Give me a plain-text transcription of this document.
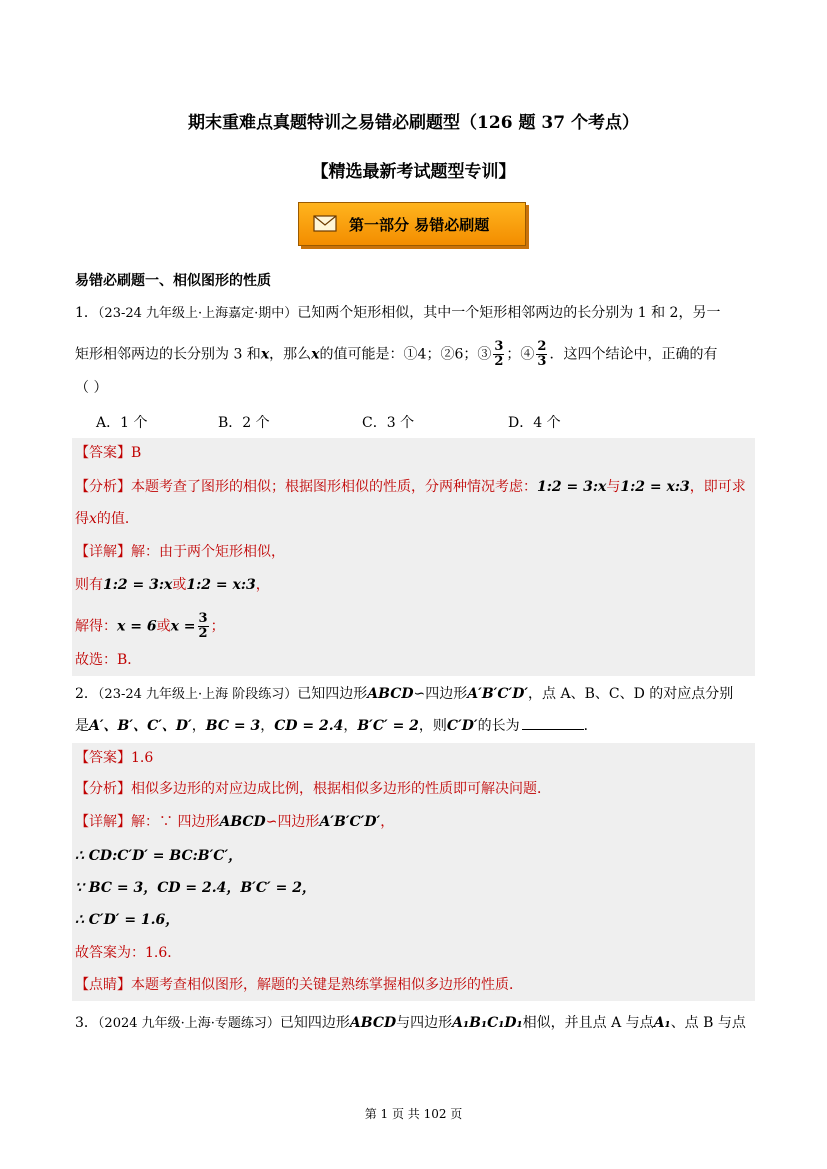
期末重难点真题特训之易错必刷题型（126 题 37 个考点）
【精选最新考试题型专训】
第一部分 易错必刷题
易错必刷题一、相似图形的性质
1．（23-24 九年级上·上海嘉定·期中）已知两个矩形相似，其中一个矩形相邻两边的长分别为 1 和 2，另一
矩形相邻两边的长分别为 3 和x，那么x的值可能是：①4；②6；③ $\frac{3}{2}$ ；④ $\frac{2}{3}$ ．这四个结论中，正确的有
（ ）
A．1 个	B．2 个	C．3 个	D．4 个
【答案】B
【分析】本题考查了图形的相似；根据图形相似的性质，分两种情况考虑：1:2 = 3:x与1:2 = x:3，即可求
得x的值．
【详解】解：由于两个矩形相似，
则有1:2 = 3:x或1:2 = x:3，
解得：x = 6或$x = \frac{3}{2}$ ；
故选：B．
2．（23-24 九年级上·上海 阶段练习）已知四边形ABCD∽四边形A′B′C′D′，点 A、B、C、D 的对应点分别
是A′、B′、C′、D′，BC = 3，CD = 2.4，B′C′ = 2，则C′D′的长为	．
【答案】1.6
【分析】相似多边形的对应边成比例，根据相似多边形的性质即可解决问题．
【详解】解：∵ 四边形ABCD∽四边形A′B′C′D′，
∴ CD:C′D′ = BC:B′C′，
∵ BC = 3，CD = 2.4，B′C′ = 2，
∴ C′D′ = 1.6，
故答案为：1.6．
【点睛】本题考查相似图形，解题的关键是熟练掌握相似多边形的性质．
3．（2024 九年级·上海·专题练习）已知四边形ABCD与四边形A₁B₁C₁D₁相似，并且点 A 与点A₁、点 B 与点
第 1 页 共 102 页
